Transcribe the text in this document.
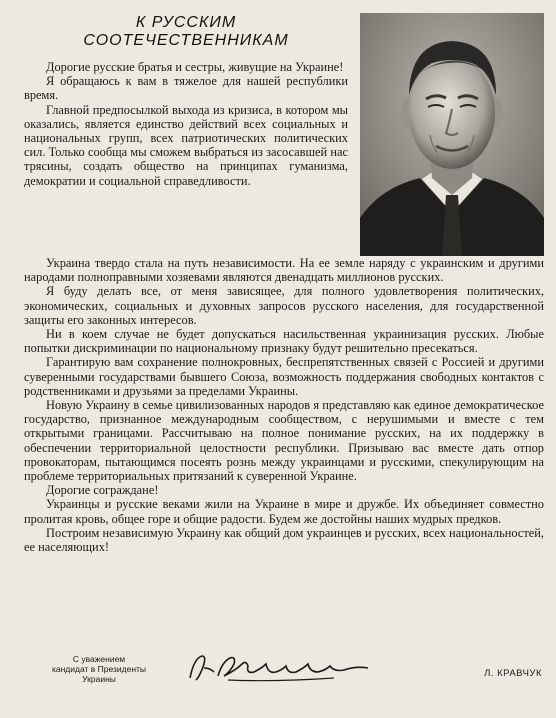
К РУССКИМ
СООТЕЧЕСТВЕННИКАМ

Дорогие русские братья и сестры, живущие на Украине!

Я обращаюсь к вам в тяжелое для нашей республики время.

Главной предпосылкой выхода из кризиса, в котором мы оказались, является единство действий всех социальных и национальных групп, всех патриотических политических сил. Только сообща мы сможем выбраться из засосавшей нас трясины, создать общество на принципах гуманизма, демократии и социальной справедливости.

Украина твердо стала на путь независимости. На ее земле наряду с украинским и другими народами полноправными хозяевами являются двенадцать миллионов русских.

Я буду делать все, от меня зависящее, для полного удовлетворения политических, экономических, социальных и духовных запросов русского населения, для государственной защиты его законных интересов.

Ни в коем случае не будет допускаться насильственная украинизация русских. Любые попытки дискриминации по национальному признаку будут решительно пресекаться.

Гарантирую вам сохранение полнокровных, беспрепятственных связей с Россией и другими суверенными государствами бывшего Союза, возможность поддержания свободных контактов с родственниками и друзьями за пределами Украины.

Новую Украину в семье цивилизованных народов я представляю как единое демократическое государство, признанное международным сообществом, с нерушимыми и вместе с тем открытыми границами. Рассчитываю на полное понимание русских, на их поддержку в обеспечении территориальной целостности республики. Призываю вас вместе дать отпор провокаторам, пытающимся посеять рознь между украинцами и русскими, спекулирующим на проблеме территориальных притязаний к суверенной Украине.

Дорогие сограждане!

Украинцы и русские веками жили на Украине в мире и дружбе. Их объединяет совместно пролитая кровь, общее горе и общие радости. Будем же достойны наших мудрых предков.

Построим независимую Украину как общий дом украинцев и русских, всех национальностей, ее населяющих!

С уважением
кандидат в Президенты
Украины	Л. КРАВЧУК
